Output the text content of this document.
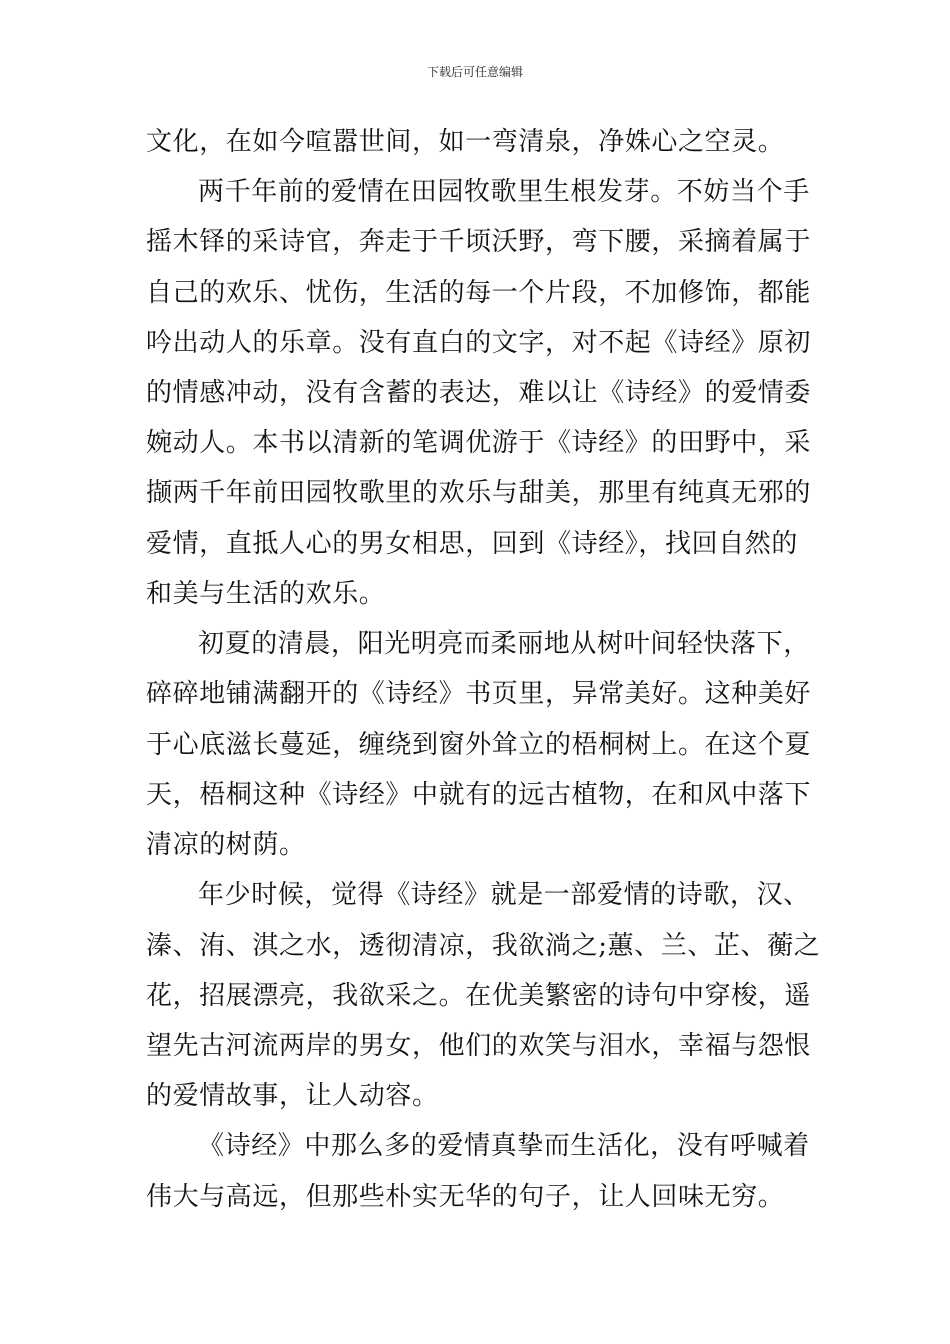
下载后可任意编辑
文化，在如今喧嚣世间，如一弯清泉，净姝心之空灵。
两千年前的爱情在田园牧歌里生根发芽。不妨当个手
摇木铎的采诗官，奔走于千顷沃野，弯下腰，采摘着属于
自己的欢乐、忧伤，生活的每一个片段，不加修饰，都能
吟出动人的乐章。没有直白的文字，对不起《诗经》原初
的情感冲动，没有含蓄的表达，难以让《诗经》的爱情委
婉动人。本书以清新的笔调优游于《诗经》的田野中，采
撷两千年前田园牧歌里的欢乐与甜美，那里有纯真无邪的
爱情，直抵人心的男女相思，回到《诗经》，找回自然的
和美与生活的欢乐。
初夏的清晨，阳光明亮而柔丽地从树叶间轻快落下，
碎碎地铺满翻开的《诗经》书页里，异常美好。这种美好
于心底滋长蔓延，缠绕到窗外耸立的梧桐树上。在这个夏
天，梧桐这种《诗经》中就有的远古植物，在和风中落下
清凉的树荫。
年少时候，觉得《诗经》就是一部爱情的诗歌，汉、
溱、洧、淇之水，透彻清凉，我欲淌之;蕙、兰、芷、蘅之
花，招展漂亮，我欲采之。在优美繁密的诗句中穿梭，遥
望先古河流两岸的男女，他们的欢笑与泪水，幸福与怨恨
的爱情故事，让人动容。
《诗经》中那么多的爱情真挚而生活化，没有呼喊着
伟大与高远，但那些朴实无华的句子，让人回味无穷。
